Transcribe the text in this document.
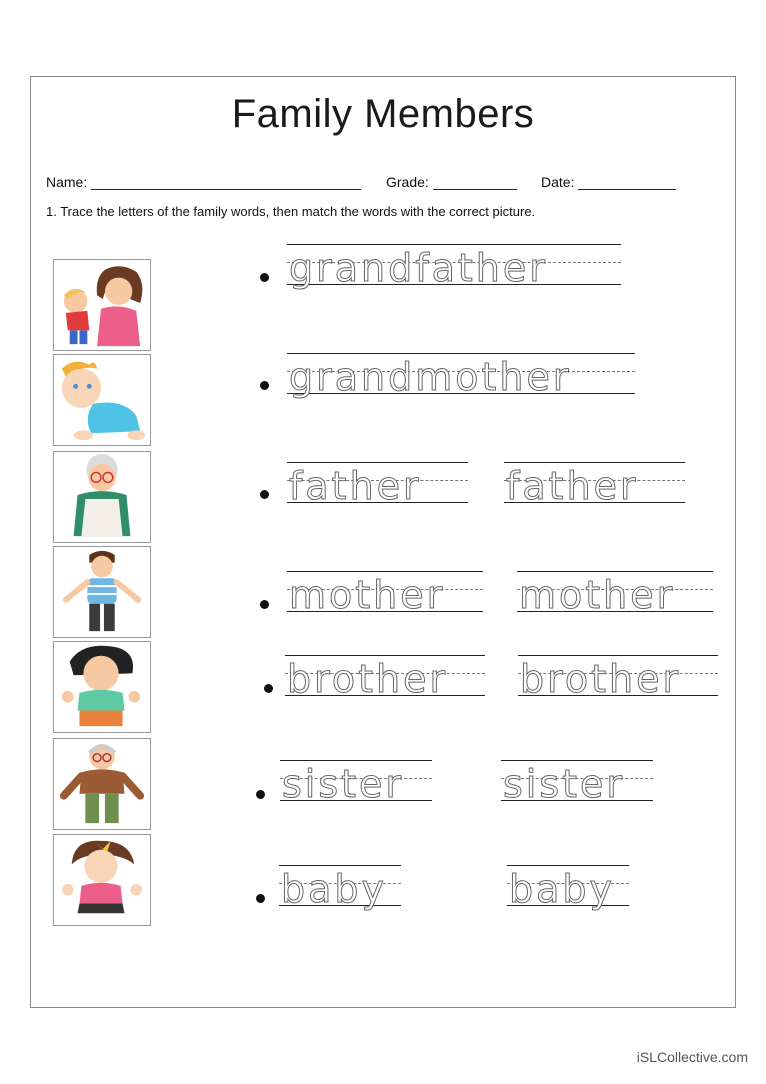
Family Members
Name:	Grade:	Date:
1. Trace the letters of the family words, then match the words with the correct picture.
grandfather
grandmother
father father
mother mother
brother brother
sister	sister
baby	baby
iSLCollective.com
